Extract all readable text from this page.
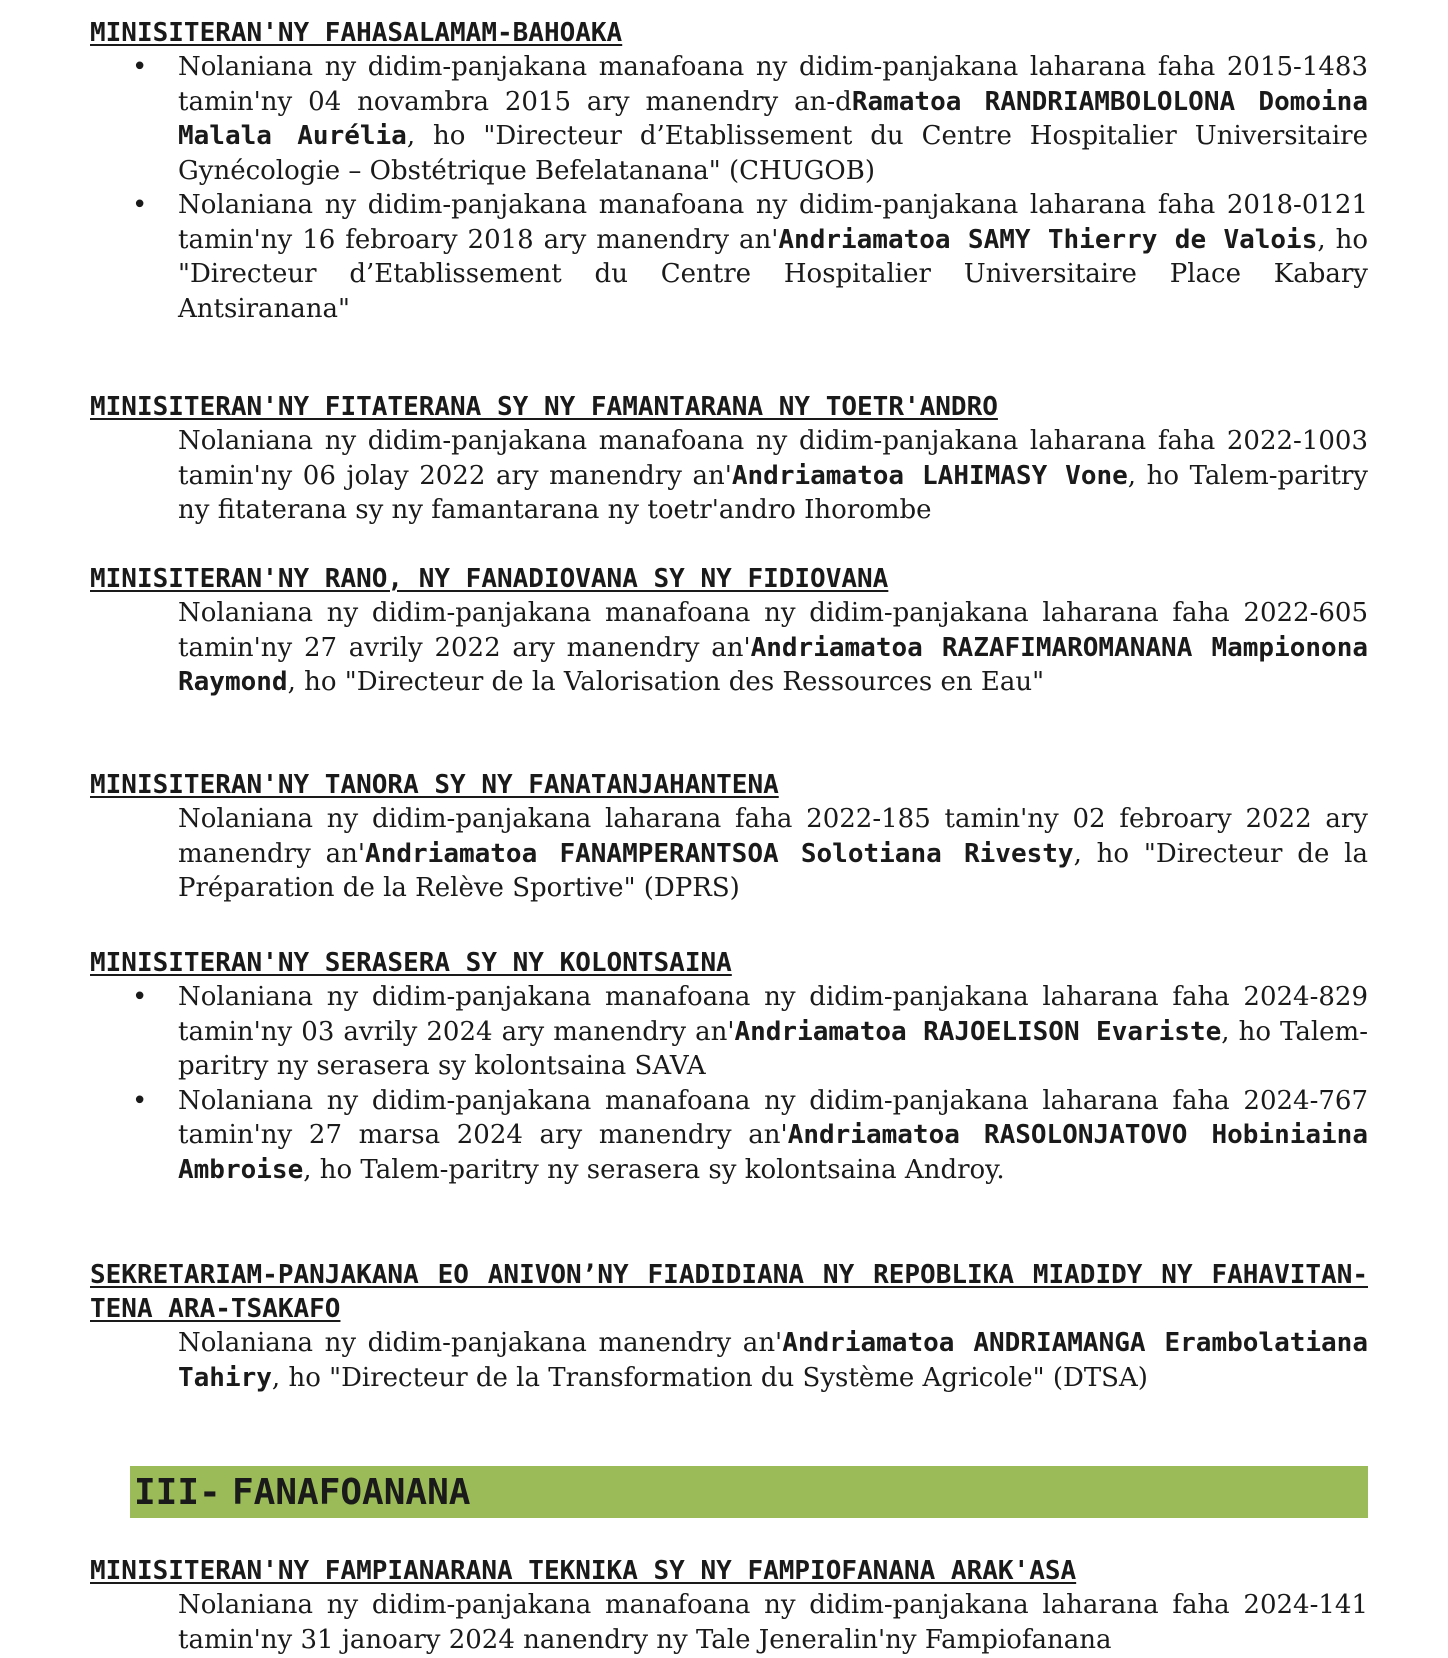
MINISITERAN'NY FAHASALAMAM-BAHOAKA

• Nolaniana ny didim-panjakana manafoana ny didim-panjakana laharana faha 2015-1483 tamin'ny 04 novambra 2015 ary manendry an-dRamatoa RANDRIAMBOLOLONA Domoina Malala Aurélia, ho "Directeur d’Etablissement du Centre Hospitalier Universitaire Gynécologie – Obstétrique Befelatanana" (CHUGOB)

• Nolaniana ny didim-panjakana manafoana ny didim-panjakana laharana faha 2018-0121 tamin'ny 16 febroary 2018 ary manendry an'Andriamatoa SAMY Thierry de Valois, ho "Directeur d’Etablissement du Centre Hospitalier Universitaire Place Kabary Antsiranana"

MINISITERAN'NY FITATERANA SY NY FAMANTARANA NY TOETR'ANDRO

Nolaniana ny didim-panjakana manafoana ny didim-panjakana laharana faha 2022-1003 tamin'ny 06 jolay 2022 ary manendry an'Andriamatoa LAHIMASY Vone, ho Talem-paritry ny fitaterana sy ny famantarana ny toetr'andro Ihorombe

MINISITERAN'NY RANO, NY FANADIOVANA SY NY FIDIOVANA

Nolaniana ny didim-panjakana manafoana ny didim-panjakana laharana faha 2022-605 tamin'ny 27 avrily 2022 ary manendry an'Andriamatoa RAZAFIMAROMANANA Mampionona Raymond, ho "Directeur de la Valorisation des Ressources en Eau"

MINISITERAN'NY TANORA SY NY FANATANJAHANTENA

Nolaniana ny didim-panjakana laharana faha 2022-185 tamin'ny 02 febroary 2022 ary manendry an'Andriamatoa FANAMPERANTSOA Solotiana Rivesty, ho "Directeur de la Préparation de la Relève Sportive" (DPRS)

MINISITERAN'NY SERASERA SY NY KOLONTSAINA

• Nolaniana ny didim-panjakana manafoana ny didim-panjakana laharana faha 2024-829 tamin'ny 03 avrily 2024 ary manendry an'Andriamatoa RAJOELISON Evariste, ho Talem-paritry ny serasera sy kolontsaina SAVA

• Nolaniana ny didim-panjakana manafoana ny didim-panjakana laharana faha 2024-767 tamin'ny 27 marsa 2024 ary manendry an'Andriamatoa RASOLONJATOVO Hobiniaina Ambroise, ho Talem-paritry ny serasera sy kolontsaina Androy.

SEKRETARIAM-PANJAKANA EO ANIVON’NY FIADIDIANA NY REPOBLIKA MIADIDY NY FAHAVITAN-TENA ARA-TSAKAFO

Nolaniana ny didim-panjakana manendry an'Andriamatoa ANDRIAMANGA Erambolatiana Tahiry, ho "Directeur de la Transformation du Système Agricole" (DTSA)

III- FANAFOANANA

MINISITERAN'NY FAMPIANARANA TEKNIKA SY NY FAMPIOFANANA ARAK'ASA

Nolaniana ny didim-panjakana manafoana ny didim-panjakana laharana faha 2024-141 tamin'ny 31 janoary 2024 nanendry ny Tale Jeneralin'ny Fampiofanana
